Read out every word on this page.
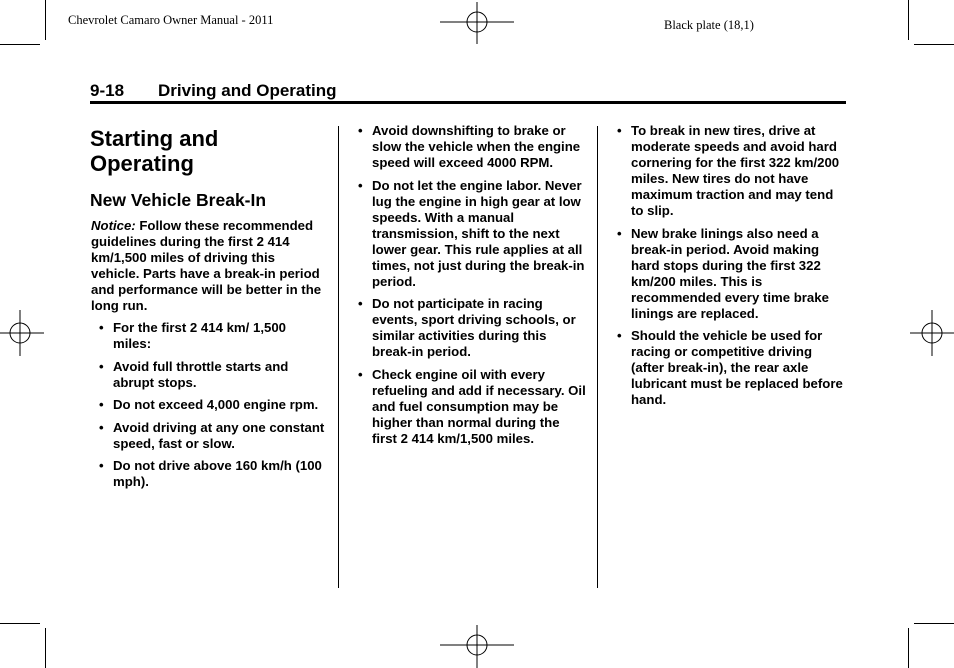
Chevrolet Camaro Owner Manual - 2011	Black plate (18,1)
9-18 Driving and Operating
Starting and Operating
New Vehicle Break-In

Notice: Follow these recommended guidelines during the first 2 414 km/1,500 miles of driving this vehicle. Parts have a break-in period and performance will be better in the long run.

• For the first 2 414 km/ 1,500 miles:
• Avoid full throttle starts and abrupt stops.
• Do not exceed 4,000 engine rpm.
• Avoid driving at any one constant speed, fast or slow.
• Do not drive above 160 km/h (100 mph).
• Avoid downshifting to brake or slow the vehicle when the engine speed will exceed 4000 RPM.
• Do not let the engine labor. Never lug the engine in high gear at low speeds. With a manual transmission, shift to the next lower gear. This rule applies at all times, not just during the break-in period.
• Do not participate in racing events, sport driving schools, or similar activities during this break-in period.
• Check engine oil with every refueling and add if necessary. Oil and fuel consumption may be higher than normal during the first 2 414 km/1,500 miles.
• To break in new tires, drive at moderate speeds and avoid hard cornering for the first 322 km/200 miles. New tires do not have maximum traction and may tend to slip.
• New brake linings also need a break-in period. Avoid making hard stops during the first 322 km/200 miles. This is recommended every time brake linings are replaced.
• Should the vehicle be used for racing or competitive driving (after break-in), the rear axle lubricant must be replaced before hand.
